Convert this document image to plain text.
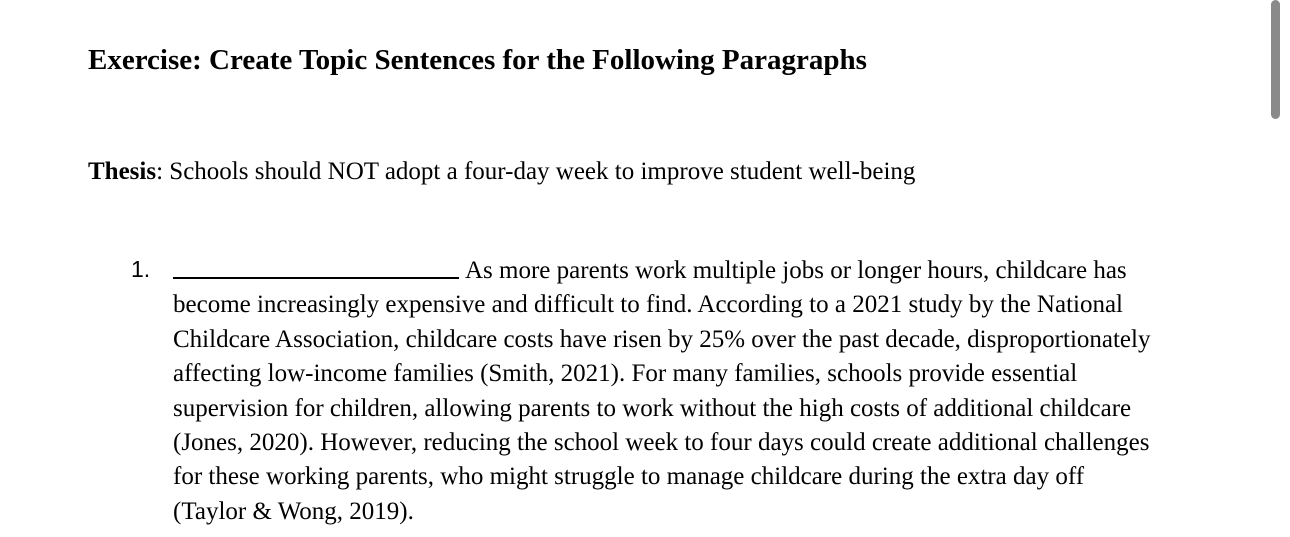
Exercise: Create Topic Sentences for the Following Paragraphs

Thesis: Schools should NOT adopt a four-day week to improve student well-being

1.	As more parents work multiple jobs or longer hours, childcare has
become increasingly expensive and difficult to find. According to a 2021 study by the National
Childcare Association, childcare costs have risen by 25% over the past decade, disproportionately
affecting low-income families (Smith, 2021). For many families, schools provide essential
supervision for children, allowing parents to work without the high costs of additional childcare
(Jones, 2020). However, reducing the school week to four days could create additional challenges
for these working parents, who might struggle to manage childcare during the extra day off
(Taylor & Wong, 2019).
